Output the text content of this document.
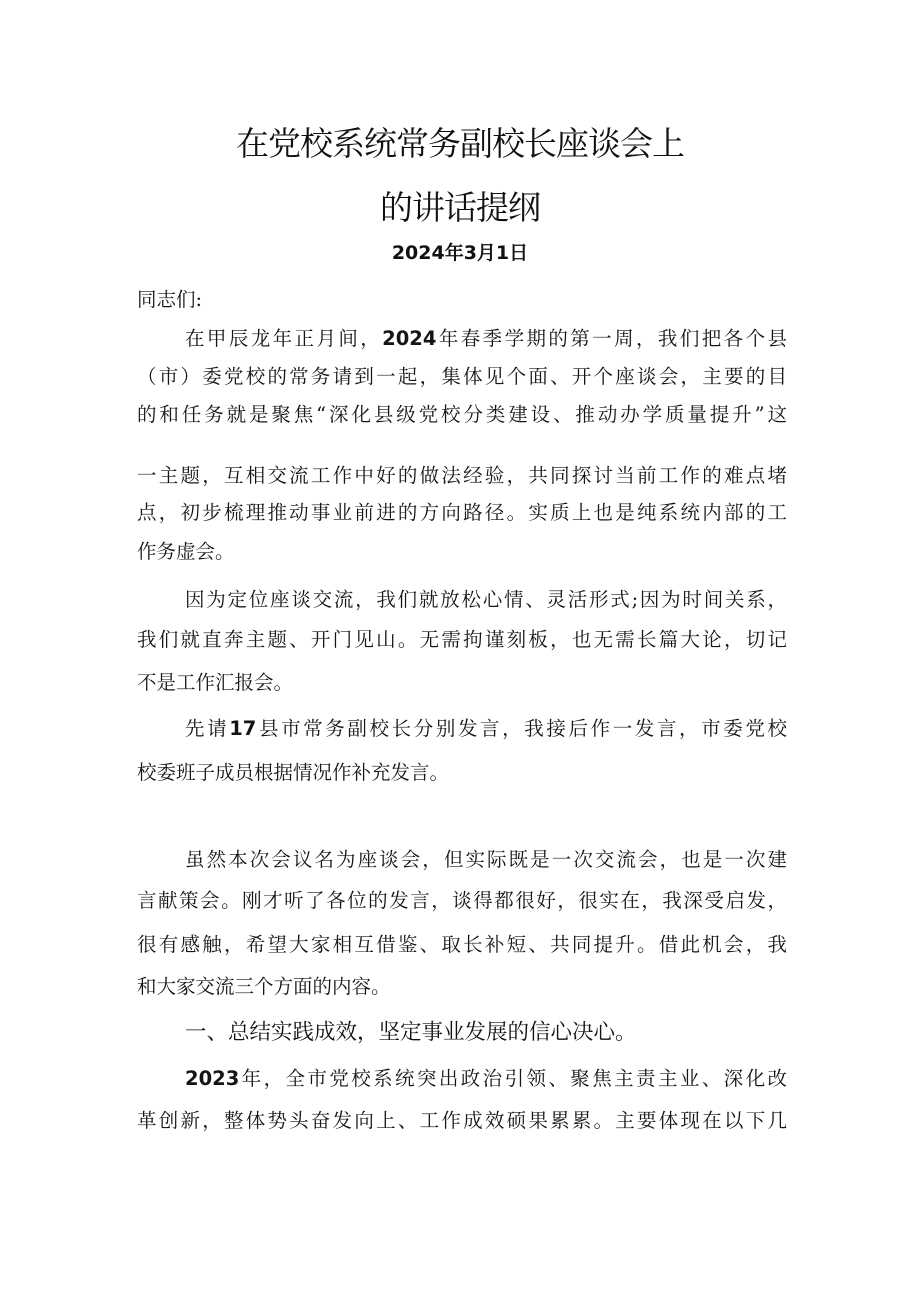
在党校系统常务副校长座谈会上
的讲话提纲
2024年3月1日
同志们:
在甲辰龙年正月间，2024年春季学期的第一周，我们把各个县
（市）委党校的常务请到一起，集体见个面、开个座谈会，主要的目
的和任务就是聚焦“深化县级党校分类建设、推动办学质量提升”这
一主题，互相交流工作中好的做法经验，共同探讨当前工作的难点堵
点，初步梳理推动事业前进的方向路径。实质上也是纯系统内部的工
作务虚会。
因为定位座谈交流，我们就放松心情、灵活形式;因为时间关系，
我们就直奔主题、开门见山。无需拘谨刻板，也无需长篇大论，切记
不是工作汇报会。
先请17县市常务副校长分别发言，我接后作一发言，市委党校
校委班子成员根据情况作补充发言。
虽然本次会议名为座谈会，但实际既是一次交流会，也是一次建
言献策会。刚才听了各位的发言，谈得都很好，很实在，我深受启发，
很有感触，希望大家相互借鉴、取长补短、共同提升。借此机会，我
和大家交流三个方面的内容。
一、总结实践成效，坚定事业发展的信心决心。
2023年，全市党校系统突出政治引领、聚焦主责主业、深化改
革创新，整体势头奋发向上、工作成效硕果累累。主要体现在以下几
